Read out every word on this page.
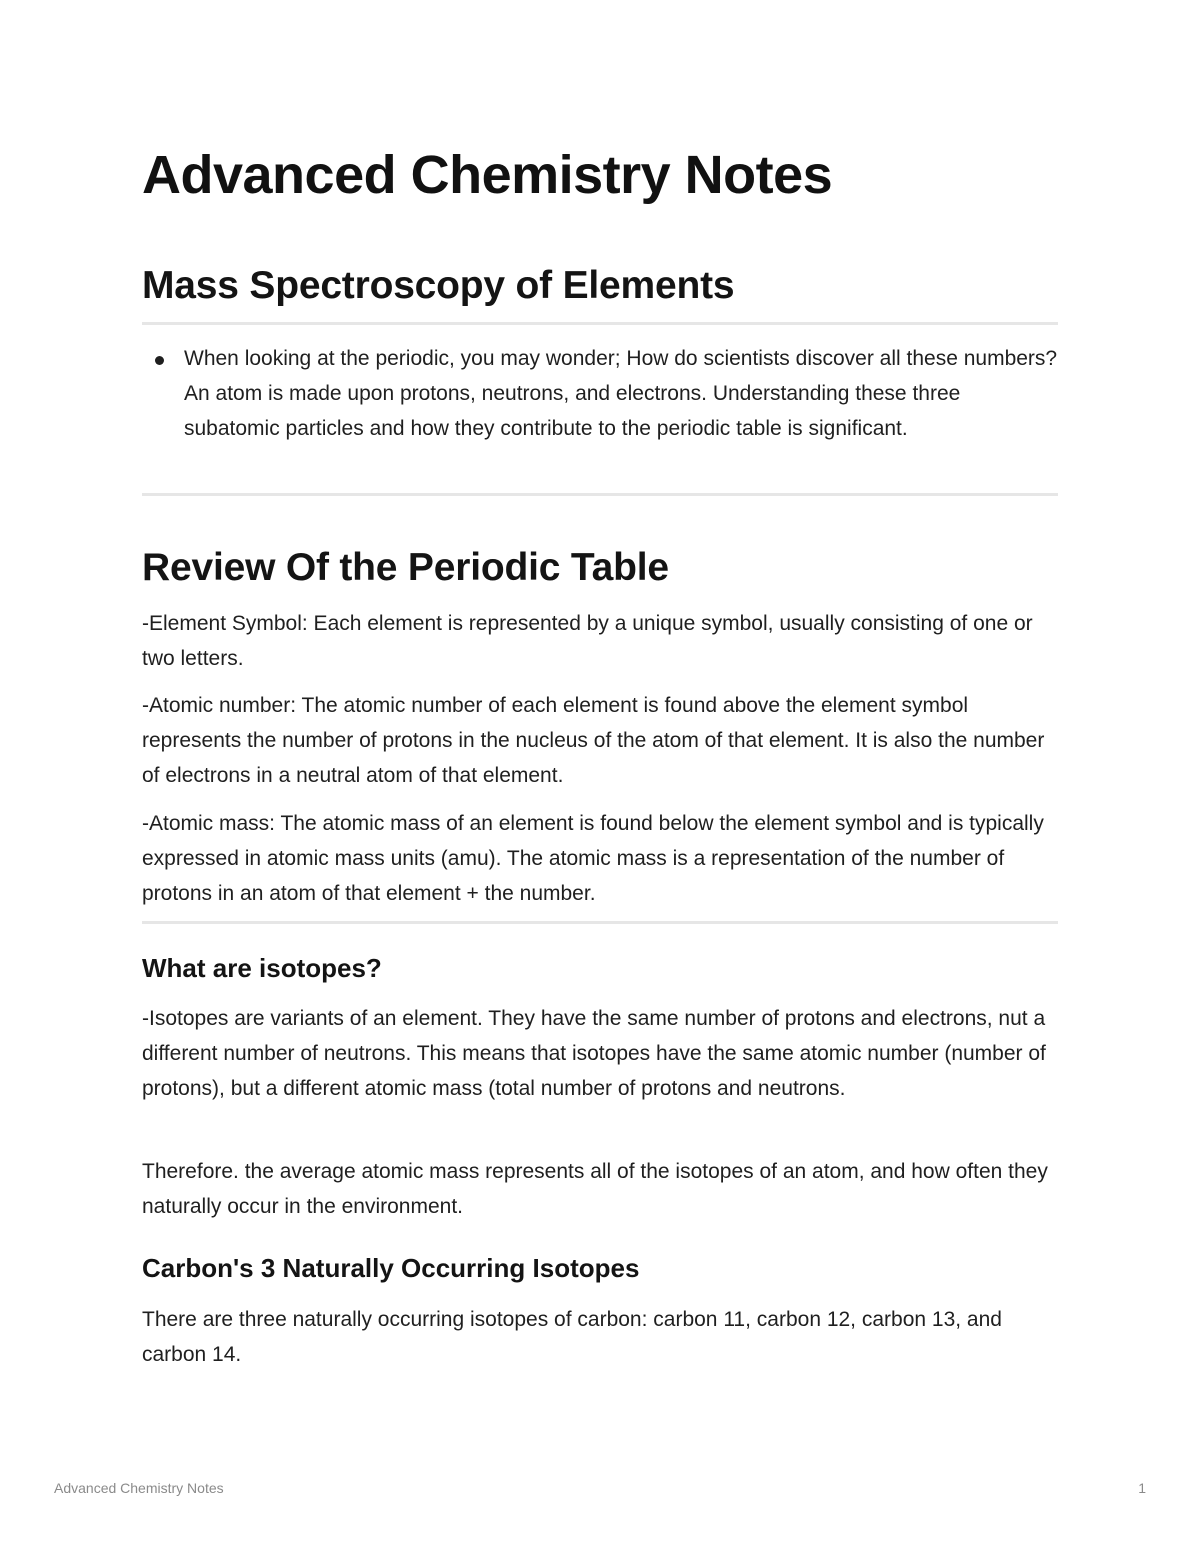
Advanced Chemistry Notes
Mass Spectroscopy of Elements

When looking at the periodic, you may wonder; How do scientists discover all these numbers? An atom is made upon protons, neutrons, and electrons. Understanding these three subatomic particles and how they contribute to the periodic table is significant.

Review Of the Periodic Table

-Element Symbol: Each element is represented by a unique symbol, usually consisting of one or two letters.

-Atomic number: The atomic number of each element is found above the element symbol represents the number of protons in the nucleus of the atom of that element. It is also the number of electrons in a neutral atom of that element.

-Atomic mass: The atomic mass of an element is found below the element symbol and is typically expressed in atomic mass units (amu). The atomic mass is a representation of the number of protons in an atom of that element + the number.

What are isotopes?

-Isotopes are variants of an element. They have the same number of protons and electrons, nut a different number of neutrons. This means that isotopes have the same atomic number (number of protons), but a different atomic mass (total number of protons and neutrons.

Therefore. the average atomic mass represents all of the isotopes of an atom, and how often they naturally occur in the environment.

Carbon's 3 Naturally Occurring Isotopes

There are three naturally occurring isotopes of carbon: carbon 11, carbon 12, carbon 13, and carbon 14.

Advanced Chemistry Notes	1
